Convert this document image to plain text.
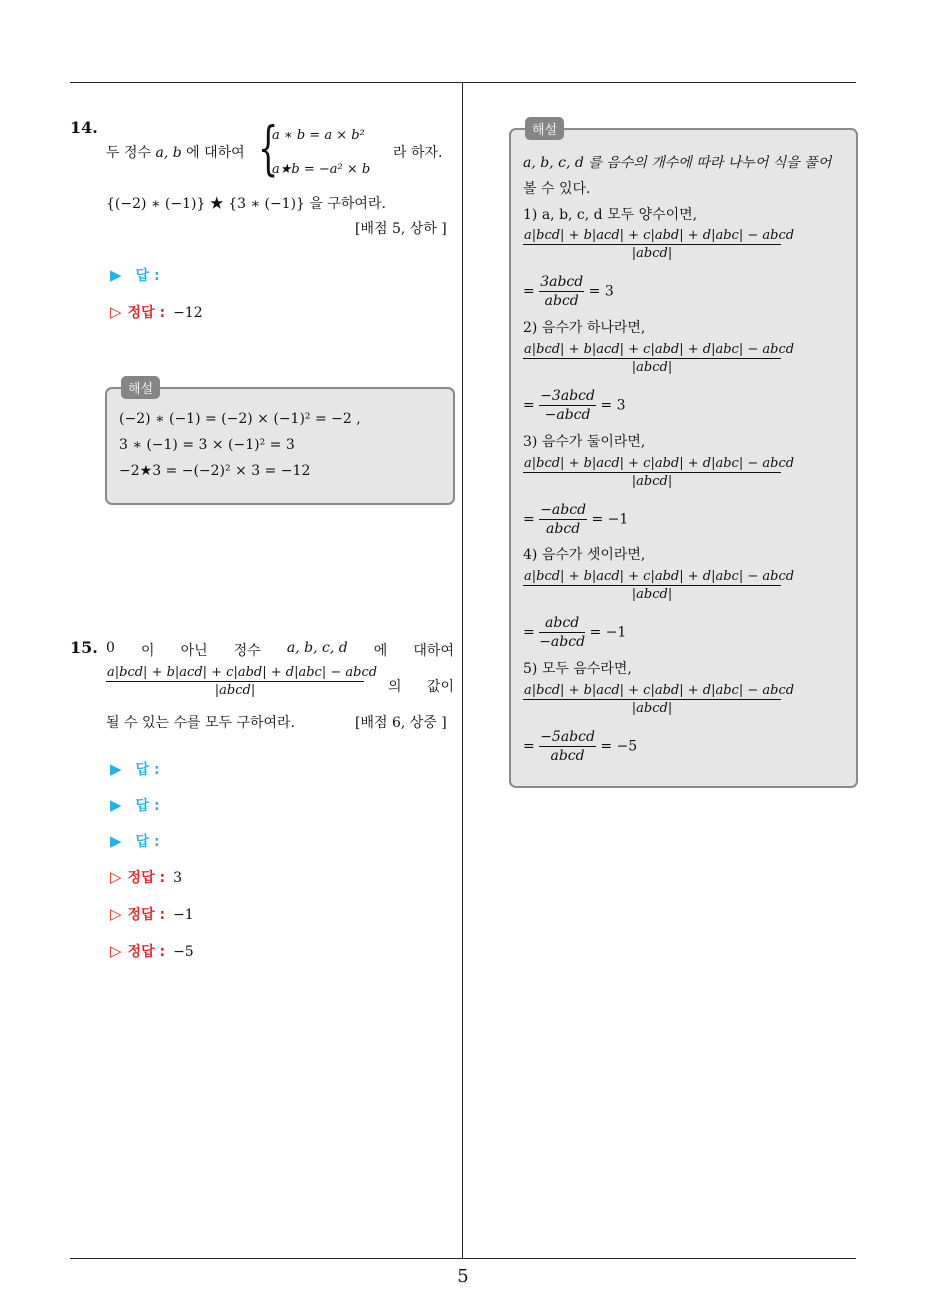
14.
두 정수 a, b 에 대하여 {
a ∗ b = a × b²
a★b = −a² × b
라 하자.
{(−2) ∗ (−1)} ★ {3 ∗ (−1)} 을 구하여라.
[배점 5, 상하 ]
▶ 답 :
▷ 정답 : −12
(−2) ∗ (−1) = (−2) × (−1)² = −2 ,
3 ∗ (−1) = 3 × (−1)² = 3
−2★3 = −(−2)² × 3 = −12
해설
15. 0 이 아닌 정수 a, b, c, d 에 대하여
$\frac{\text{a|bcd| + b|acd| + c|abd| + d|abc| − abcd}}{\text{|abcd|}}$ 의 값이
될 수 있는 수를 모두 구하여라.	[배점 6, 상중 ]
▶ 답 :
▶ 답 :
▶ 답 :
▷ 정답 : 3
▷ 정답 : −1
▷ 정답 : −5
a, b, c, d 를 음수의 개수에 따라 나누어 식을 풀어
볼 수 있다.
1) a, b, c, d 모두 양수이면,
$\frac{\text{a|bcd| + b|acd| + c|abd| + d|abc| − abcd}}{\text{|abcd|}}$
= $\frac{\text{3abcd}}{\text{abcd}} = 3$
2) 음수가 하나라면,
$\frac{\text{a|bcd| + b|acd| + c|abd| + d|abc| − abcd}}{\text{|abcd|}}$
= $\frac{\text{−3abcd}}{\text{−abcd}} = 3$
3) 음수가 둘이라면,
$\frac{\text{a|bcd| + b|acd| + c|abd| + d|abc| − abcd}}{\text{|abcd|}}$
= $\frac{\text{−abcd}}{\text{abcd}} = -1$
4) 음수가 셋이라면,
$\frac{\text{a|bcd| + b|acd| + c|abd| + d|abc| − abcd}}{\text{|abcd|}}$
= $\frac{\text{abcd}}{\text{−abcd}} = -1$
5) 모두 음수라면,
$\frac{\text{a|bcd| + b|acd| + c|abd| + d|abc| − abcd}}{\text{|abcd|}}$
= $\frac{\text{−5abcd}}{\text{abcd}} = -5$
해설
5
